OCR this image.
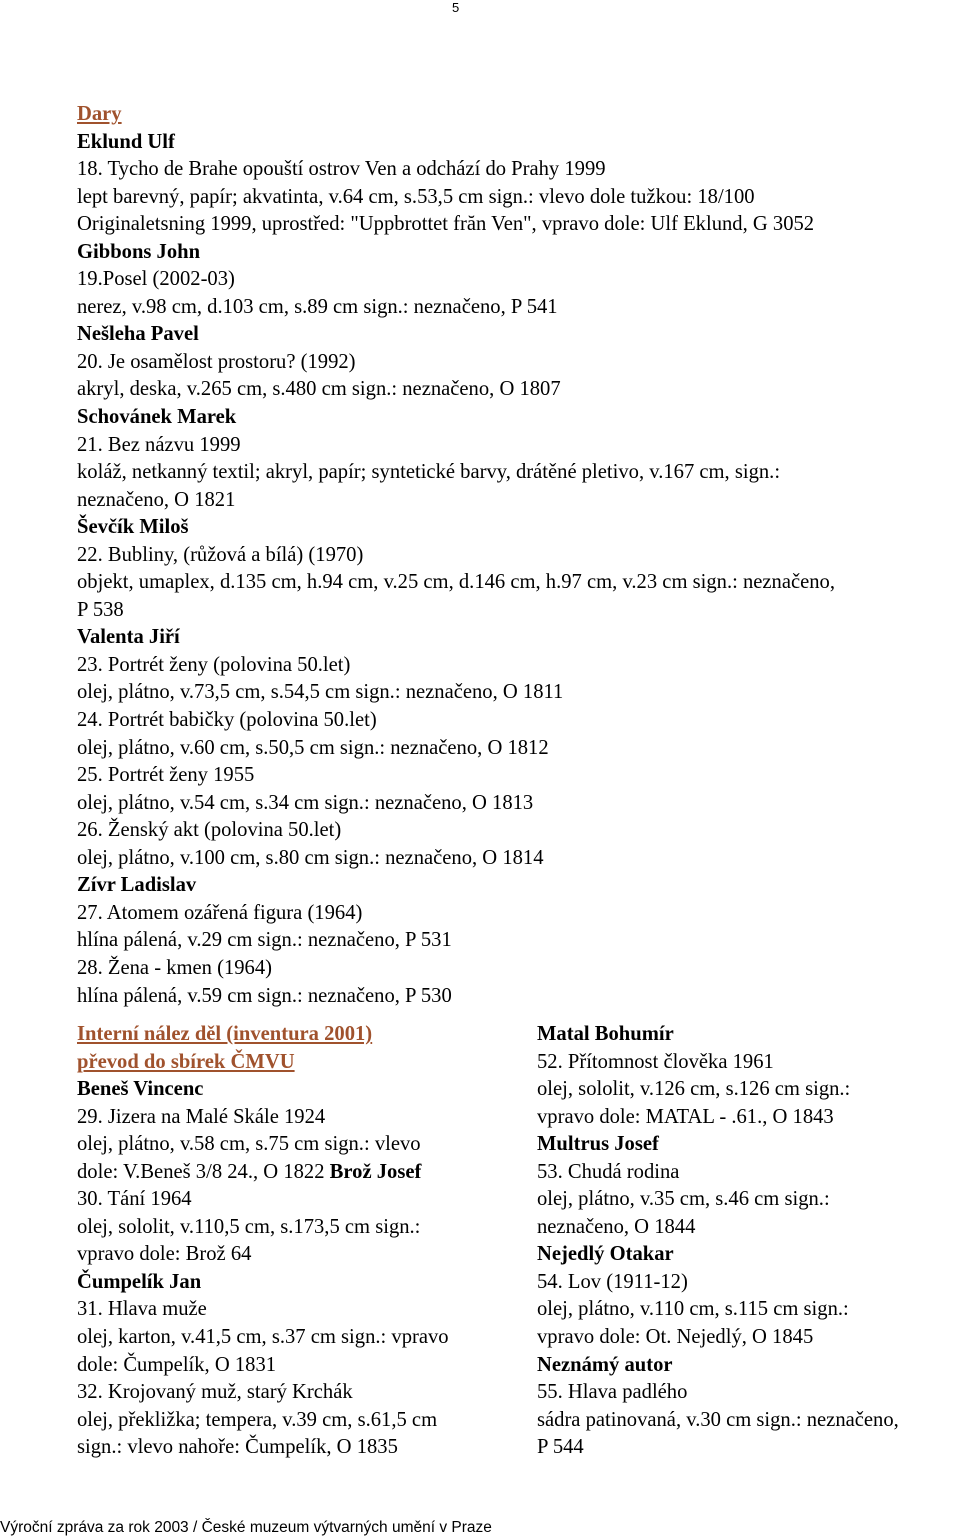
5
Dary
Eklund Ulf
18. Tycho de Brahe opouští ostrov Ven a odchází do Prahy 1999
lept barevný, papír; akvatinta, v.64 cm, s.53,5 cm sign.: vlevo dole tužkou: 18/100
Originaletsning 1999, uprostřed: "Uppbrottet frăn Ven", vpravo dole: Ulf Eklund, G 3052
Gibbons John
19.Posel (2002-03)
nerez, v.98 cm, d.103 cm, s.89 cm sign.: neznačeno, P 541
Nešleha Pavel
20. Je osamělost prostoru? (1992)
akryl, deska, v.265 cm, s.480 cm sign.: neznačeno, O 1807
Schovánek Marek
21. Bez názvu 1999
koláž, netkanný textil; akryl, papír; syntetické barvy, drátěné pletivo, v.167 cm, sign.:
neznačeno, O 1821
Ševčík Miloš
22. Bubliny, (růžová a bílá) (1970)
objekt, umaplex, d.135 cm, h.94 cm, v.25 cm, d.146 cm, h.97 cm, v.23 cm sign.: neznačeno,
P 538
Valenta Jiří
23. Portrét ženy (polovina 50.let)
olej, plátno, v.73,5 cm, s.54,5 cm sign.: neznačeno, O 1811
24. Portrét babičky (polovina 50.let)
olej, plátno, v.60 cm, s.50,5 cm sign.: neznačeno, O 1812
25. Portrét ženy 1955
olej, plátno, v.54 cm, s.34 cm sign.: neznačeno, O 1813
26. Ženský akt (polovina 50.let)
olej, plátno, v.100 cm, s.80 cm sign.: neznačeno, O 1814
Zívr Ladislav
27. Atomem ozářená figura (1964)
hlína pálená, v.29 cm sign.: neznačeno, P 531
28. Žena - kmen (1964)
hlína pálená, v.59 cm sign.: neznačeno, P 530
Interní nález děl (inventura 2001)
převod do sbírek ČMVU
Beneš Vincenc
29. Jizera na Malé Skále 1924
olej, plátno, v.58 cm, s.75 cm sign.: vlevo
dole: V.Beneš 3/8 24., O 1822 Brož Josef
30. Tání 1964
olej, sololit, v.110,5 cm, s.173,5 cm sign.:
vpravo dole: Brož 64
Čumpelík Jan
31. Hlava muže
olej, karton, v.41,5 cm, s.37 cm sign.: vpravo
dole: Čumpelík, O 1831
32. Krojovaný muž, starý Krchák
olej, překližka; tempera, v.39 cm, s.61,5 cm
sign.: vlevo nahoře: Čumpelík, O 1835
Matal Bohumír
52. Přítomnost člověka 1961
olej, sololit, v.126 cm, s.126 cm sign.:
vpravo dole: MATAL - .61., O 1843
Multrus Josef
53. Chudá rodina
olej, plátno, v.35 cm, s.46 cm sign.:
neznačeno, O 1844
Nejedlý Otakar
54. Lov (1911-12)
olej, plátno, v.110 cm, s.115 cm sign.:
vpravo dole: Ot. Nejedlý, O 1845
Neznámý autor
55. Hlava padlého
sádra patinovaná, v.30 cm sign.: neznačeno,
P 544
Výroční zpráva za rok 2003 / České muzeum výtvarných umění v Praze
